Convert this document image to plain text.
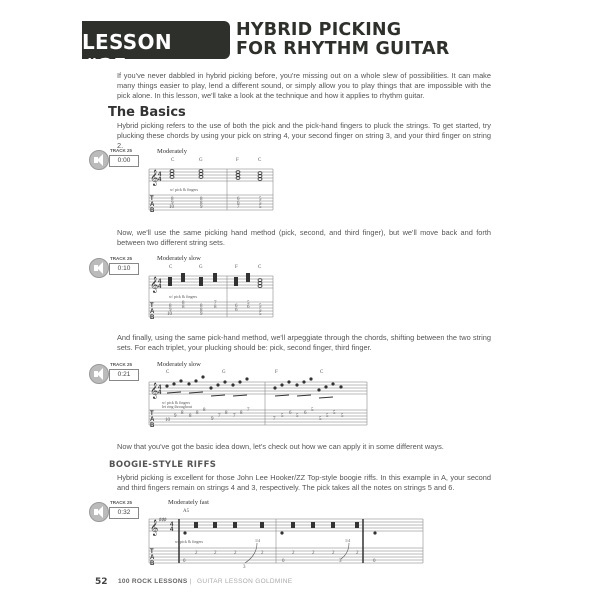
LESSON #25:
HYBRID PICKING
FOR RHYTHM GUITAR
If you've never dabbled in hybrid picking before, you're missing out on a whole slew of possibilities. It can make many things easier to play, lend a different sound, or simply allow you to play things that are impossible with the pick alone. In this lesson, we'll take a look at the technique and how it applies to rhythm guitar.
The Basics
Hybrid picking refers to the use of both the pick and the pick-hand fingers to pluck the strings. To get started, try plucking these chords by using your pick on string 4, your second finger on string 3, and your third finger on string 2.
TRACK 25
0:00
Moderately
𝄞 4
4
T
A
B
C	G	F	C
w/ pick & fingers
8
9
10
8
8
9
6
6
7
5
5
5
Now, we'll use the same picking hand method (pick, second, and third finger), but we'll move back and forth between two different string sets.
TRACK 25
0:10
Moderately slow
𝄞 4
4
T
A
B
C	G	F	C
w/ pick & fingers
8
9
10
8
8	8
8
9
7
8	6
6
5
6 5
5
5
And finally, using the same pick-hand method, we'll arpeggiate through the chords, shifting between the two string sets. For each triplet, your plucking should be: pick, second finger, third finger.
TRACK 25
0:21
Moderately slow
𝄞 4
4
T
A
B
C	G	F	C
w/ pick & fingers
let ring throughout
10
9
8
8
8
8
9
7
8
7
8
7
7
5
6
5
6
5
5
5
5
5
Now that you've got the basic idea down, let's check out how we can apply it in some different ways.
BOOGIE-STYLE RIFFS
Hybrid picking is excellent for those John Lee Hooker/ZZ Top-style boogie riffs. In this example in A, your second and third fingers remain on strings 4 and 3, respectively. The pick takes all the notes on strings 5 and 6.
TRACK 25
0:32
Moderately fast
𝄞 ♯♯♯
4
4
T
A
B
A5
w/ pick & fingers	1/4	1/4
0
2	2	2
3
2
0
2	2	2
3
2
0
52 100 ROCK LESSONS | GUITAR LESSON GOLDMINE
